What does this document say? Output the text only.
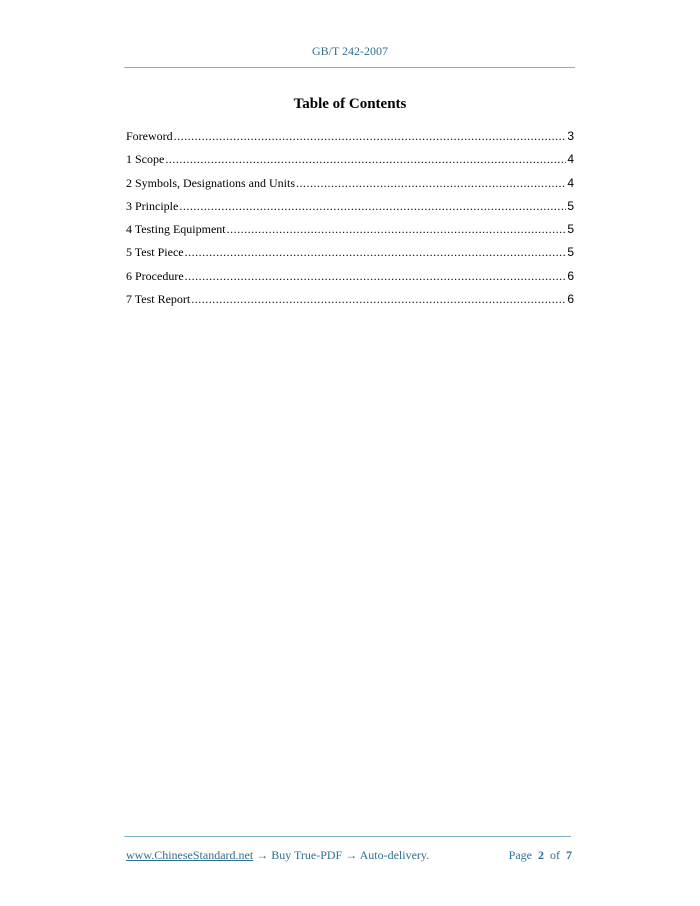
GB/T 242-2007
Table of Contents
Foreword .....	3
1 Scope .....	4
2 Symbols, Designations and Units .....	4
3 Principle .....	5
4 Testing Equipment .....	5
5 Test Piece .....	5
6 Procedure .....	6
7 Test Report .....	6
www.ChineseStandard.net → Buy True-PDF → Auto-delivery.	Page 2 of 7
